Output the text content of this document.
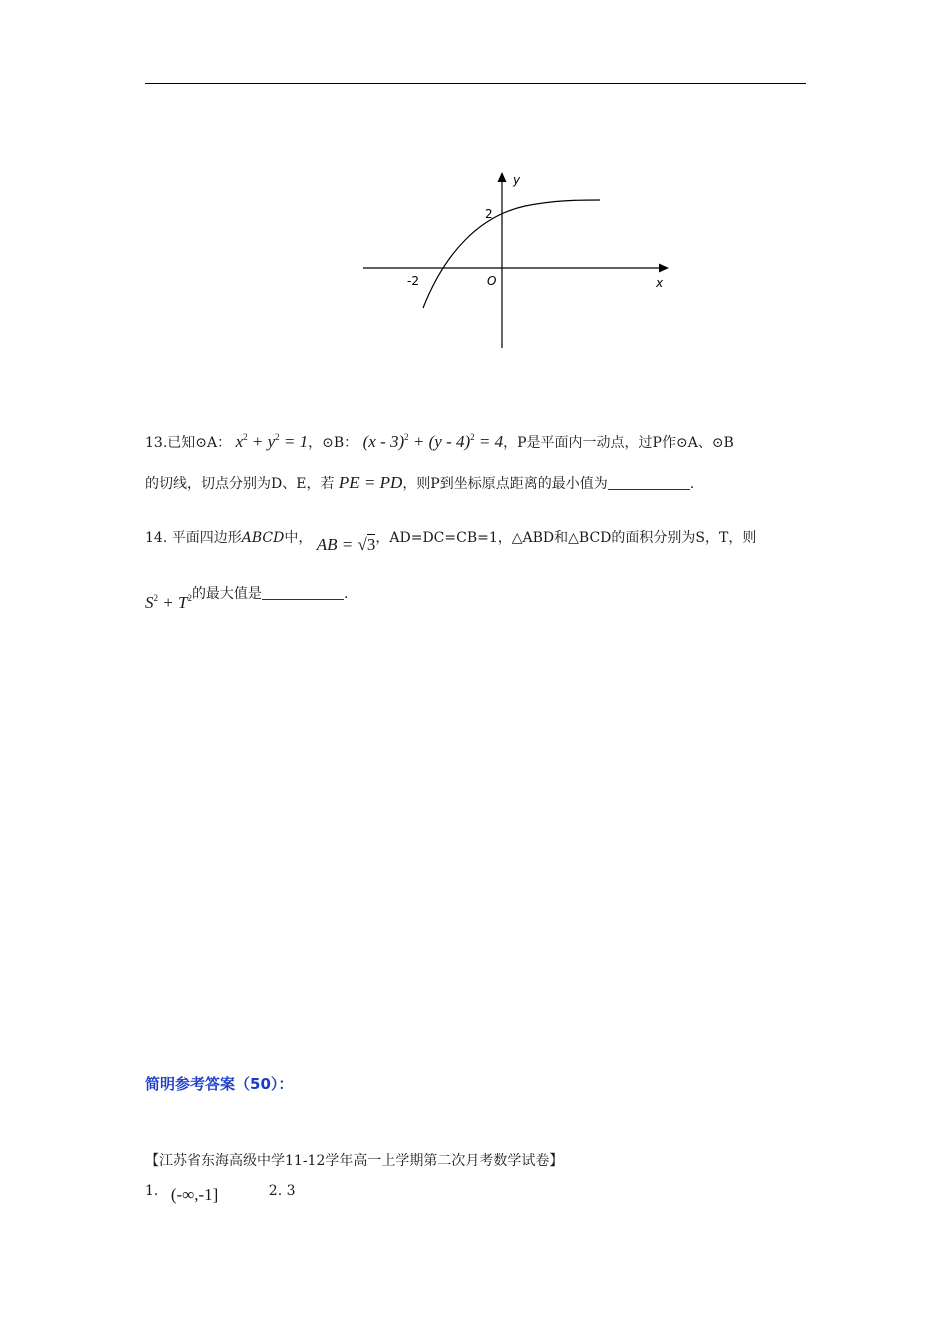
y
x
2
-2	O
13.已知⊙A： $x^2 + y^2 = 1$，⊙B： (x - 3)$^2$ + (y - 4)$^2$ = 4，P是平面内一动点，过P作⊙A、⊙B
的切线，切点分别为D、E，若 PE = PD，则P到坐标原点距离的最小值为	.
14. 平面四边形ABCD中， AB = √3，AD=DC=CB=1，△ABD和△BCD的面积分别为S，T，则
$S^2 + T^2$的最大值是	.
简明参考答案（50）：
【江苏省东海高级中学11-12学年高一上学期第二次月考数学试卷】
1. (-∞,-1]	2. 3
